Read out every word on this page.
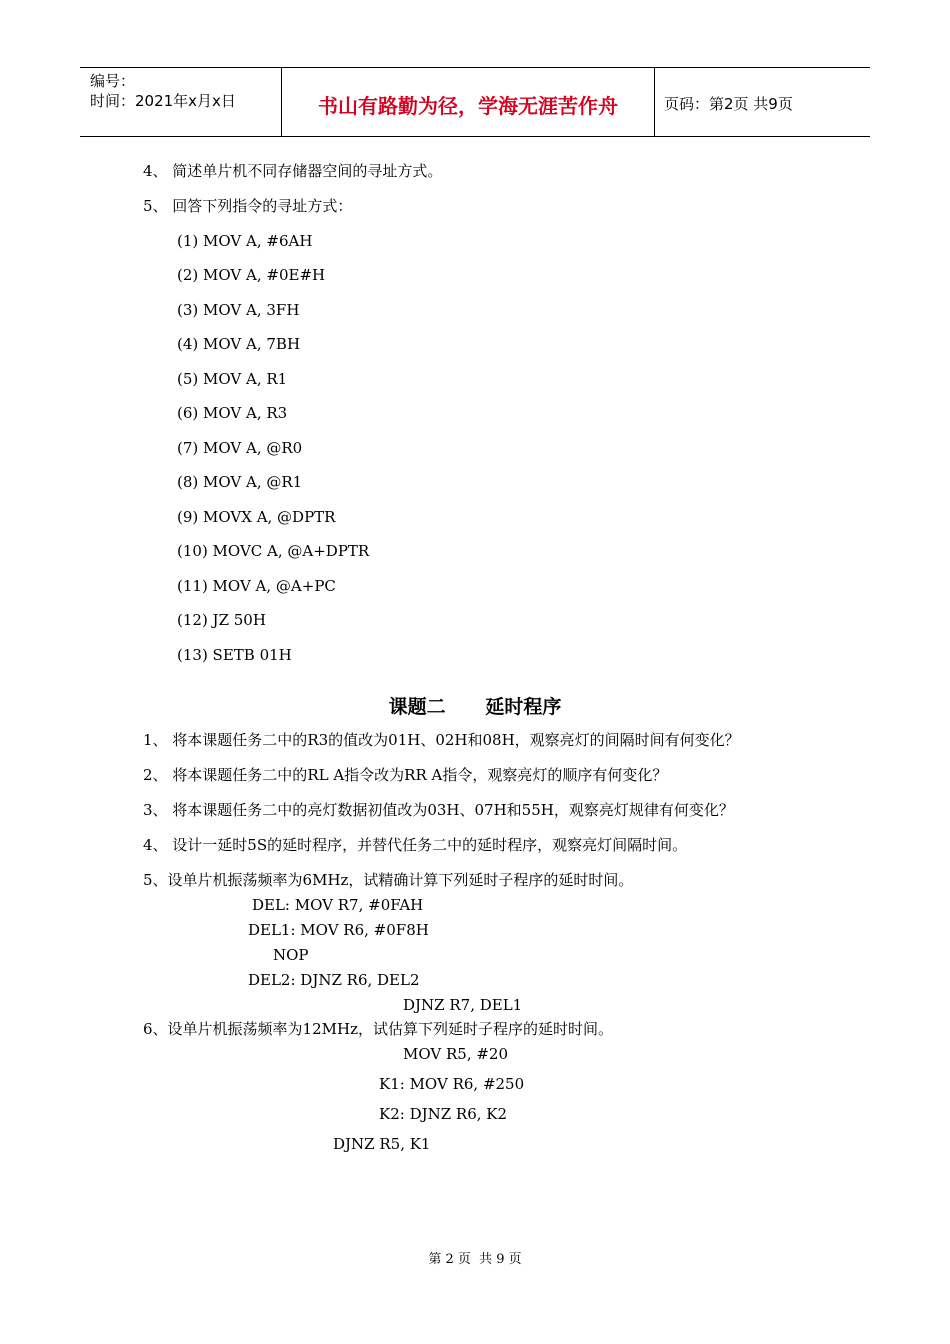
编号：
时间：2021年x月x日	书山有路勤为径，学海无涯苦作舟	页码：第2页 共9页
4、 简述单片机不同存储器空间的寻址方式。
5、 回答下列指令的寻址方式：
(1) MOV A, #6AH
(2) MOV A, #0E#H
(3) MOV A, 3FH
(4) MOV A, 7BH
(5) MOV A, R1
(6) MOV A, R3
(7) MOV A, @R0
(8) MOV A, @R1
(9) MOVX A, @DPTR
(10) MOVC A, @A+DPTR
(11) MOV A, @A+PC
(12) JZ 50H
(13) SETB 01H
课题二      延时程序
1、 将本课题任务二中的R3的值改为01H、02H和08H，观察亮灯的间隔时间有何变化？
2、 将本课题任务二中的RL A指令改为RR A指令，观察亮灯的顺序有何变化？
3、 将本课题任务二中的亮灯数据初值改为03H、07H和55H，观察亮灯规律有何变化？
4、 设计一延时5S的延时程序，并替代任务二中的延时程序，观察亮灯间隔时间。
5、设单片机振荡频率为6MHz，试精确计算下列延时子程序的延时时间。
DEL: MOV R7, #0FAH
DEL1: MOV R6, #0F8H
NOP
DEL2: DJNZ R6, DEL2
DJNZ R7, DEL1
6、设单片机振荡频率为12MHz，试估算下列延时子程序的延时时间。
MOV R5, #20
K1: MOV R6, #250
K2: DJNZ R6, K2
DJNZ R5, K1
第 2 页  共 9 页
